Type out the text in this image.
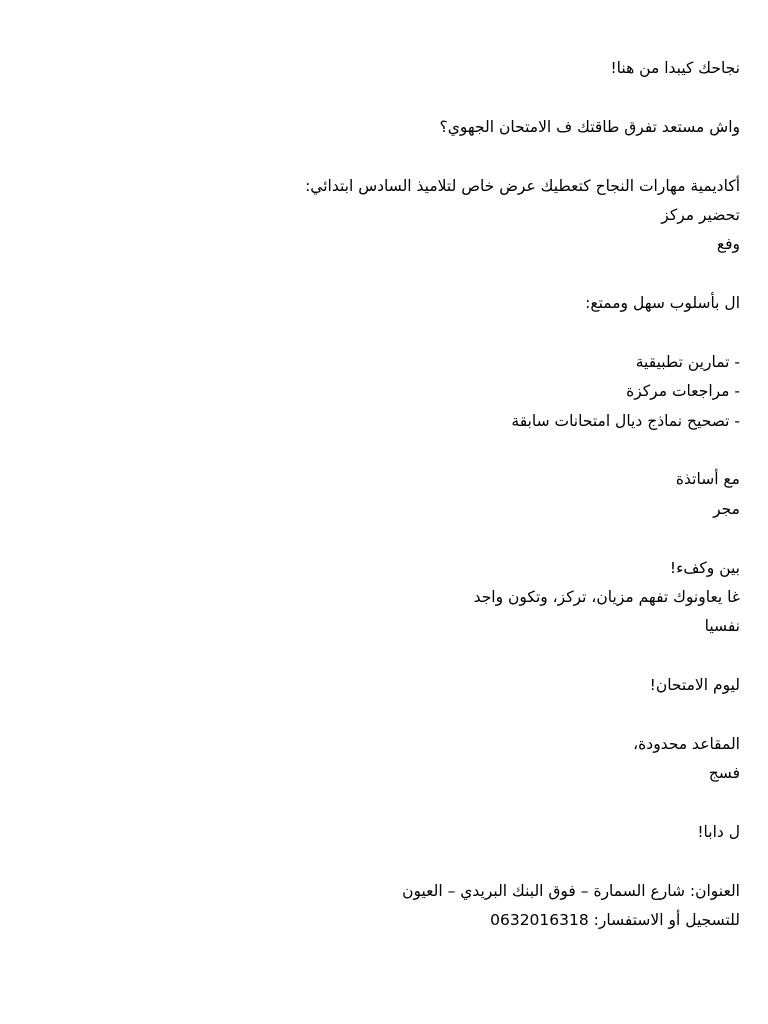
نجاحك كيبدا من هنا!
واش مستعد تفرق طاقتك ف الامتحان الجهوي؟
أكاديمية مهارات النجاح كتعطيك عرض خاص لتلاميذ السادس ابتدائي:
تحضير مركز
وفع
ال بأسلوب سهل وممتع:
- تمارين تطبيقية
- مراجعات مركزة
- تصحيح نماذج ديال امتحانات سابقة
مع أساتذة
مجر
بين وكفء!
غا يعاونوك تفهم مزيان، تركز، وتكون واجد
نفسيا
ليوم الامتحان!
المقاعد محدودة،
فسج
ل دابا!
العنوان: شارع السمارة – فوق البنك البريدي – العيون
للتسجيل أو الاستفسار: 0632016318
